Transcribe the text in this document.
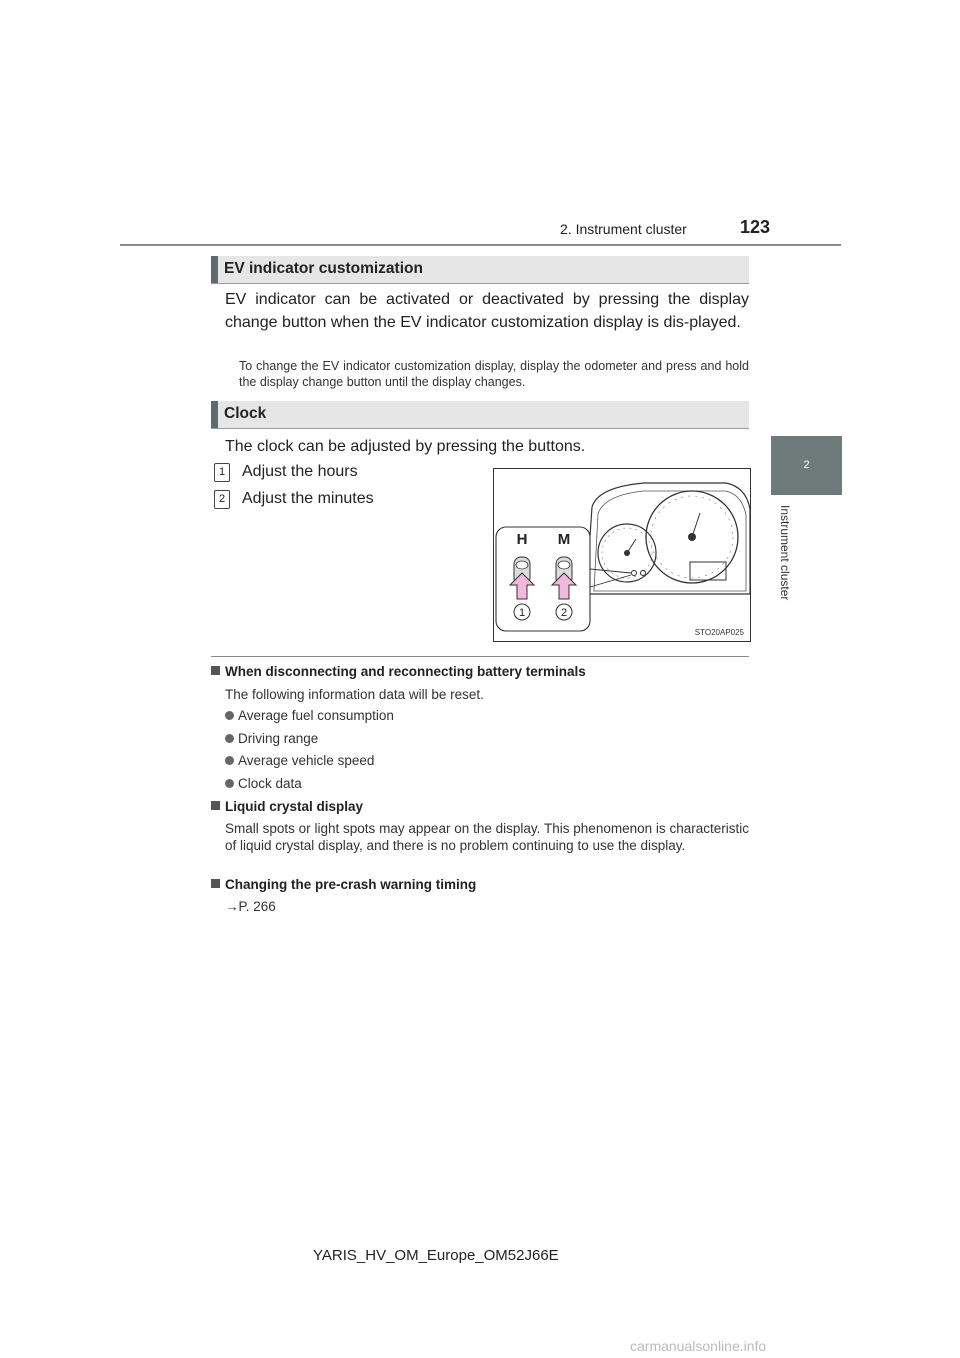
2. Instrument cluster	123
2
Instrument cluster
EV indicator customization
EV indicator can be activated or deactivated by pressing the display change button when the EV indicator customization display is dis-played.
To change the EV indicator customization display, display the odometer and press and hold the display change button until the display changes.
Clock
The clock can be adjusted by pressing the buttons.
1 Adjust the hours
2 Adjust the minutes
H M
1	2
STO20AP025
When disconnecting and reconnecting battery terminals
The following information data will be reset.
Average fuel consumption
Driving range
Average vehicle speed
Clock data
Liquid crystal display
Small spots or light spots may appear on the display. This phenomenon is characteristic of liquid crystal display, and there is no problem continuing to use the display.
Changing the pre-crash warning timing
→P. 266
YARIS_HV_OM_Europe_OM52J66E
carmanualsonline.info
